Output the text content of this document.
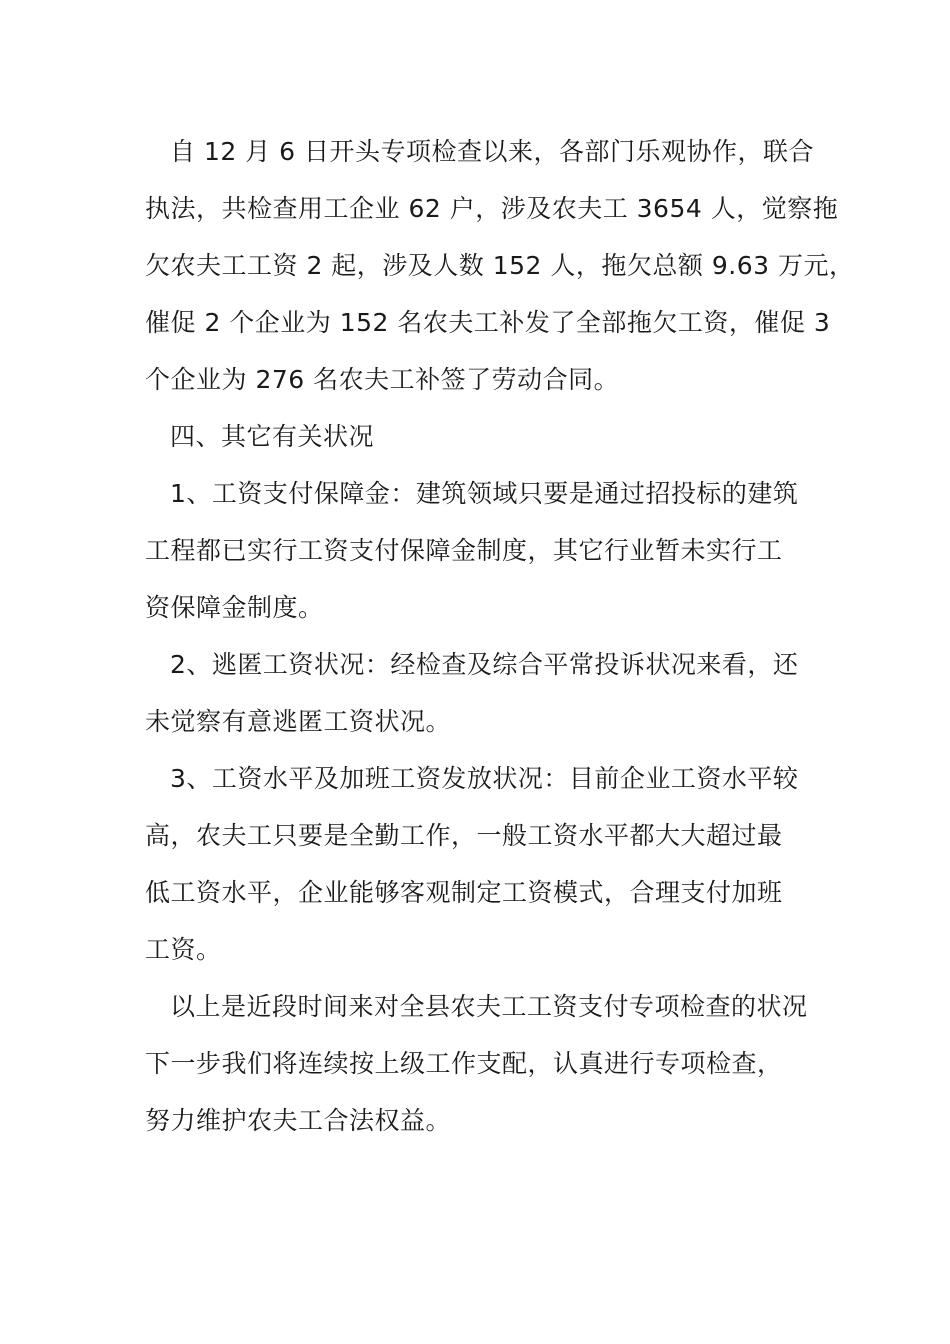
自 12 月 6 日开头专项检查以来，各部门乐观协作，联合
执法，共检查用工企业 62 户，涉及农夫工 3654 人，觉察拖
欠农夫工工资 2 起，涉及人数 152 人，拖欠总额 9.63 万元，
催促 2 个企业为 152 名农夫工补发了全部拖欠工资，催促 3
个企业为 276 名农夫工补签了劳动合同。
四、其它有关状况
1、工资支付保障金：建筑领域只要是通过招投标的建筑
工程都已实行工资支付保障金制度，其它行业暂未实行工
资保障金制度。
2、逃匿工资状况：经检查及综合平常投诉状况来看，还
未觉察有意逃匿工资状况。
3、工资水平及加班工资发放状况：目前企业工资水平较
高，农夫工只要是全勤工作，一般工资水平都大大超过最
低工资水平，企业能够客观制定工资模式，合理支付加班
工资。
以上是近段时间来对全县农夫工工资支付专项检查的状况
下一步我们将连续按上级工作支配，认真进行专项检查，
努力维护农夫工合法权益。
